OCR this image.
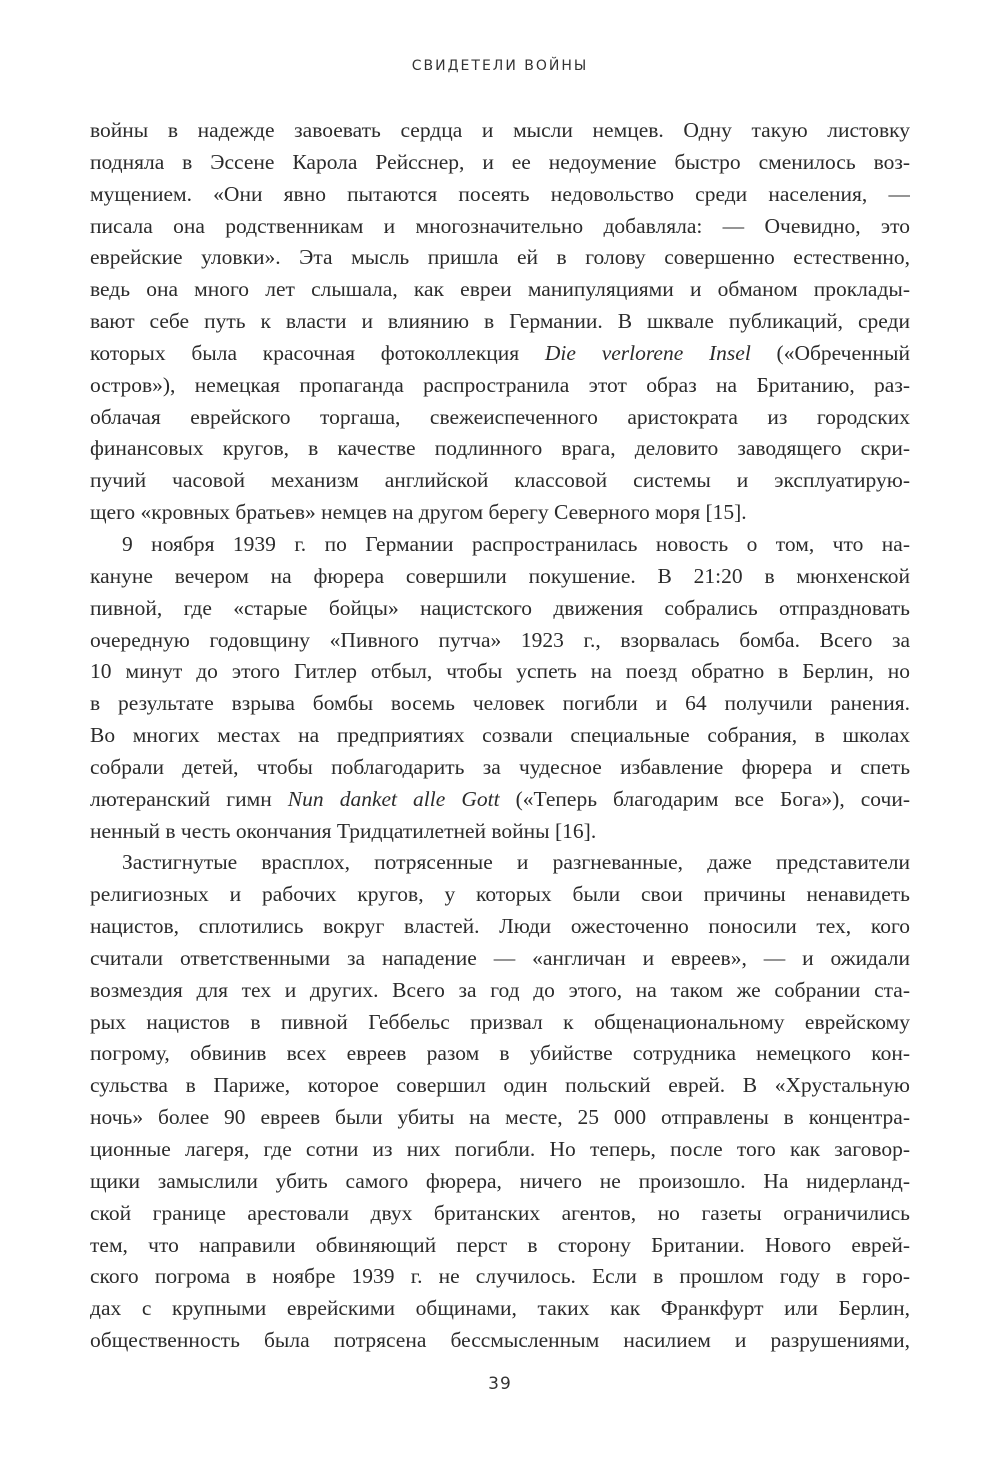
СВИДЕТЕЛИ ВОЙНЫ
войны в надежде завоевать сердца и мысли немцев. Одну такую листовку
подняла в Эссене Карола Рейсснер, и ее недоумение быстро сменилось воз-
мущением. «Они явно пытаются посеять недовольство среди населения, —
писала она родственникам и многозначительно добавляла: — Очевидно, это
еврейские уловки». Эта мысль пришла ей в голову совершенно естественно,
ведь она много лет слышала, как евреи манипуляциями и обманом проклады-
вают себе путь к власти и влиянию в Германии. В шквале публикаций, среди
которых была красочная фотоколлекция Die verlorene Insel («Обреченный
остров»), немецкая пропаганда распространила этот образ на Британию, раз-
облачая еврейского торгаша, свежеиспеченного аристократа из городских
финансовых кругов, в качестве подлинного врага, деловито заводящего скри-
пучий часовой механизм английской классовой системы и эксплуатирую-
щего «кровных братьев» немцев на другом берегу Северного моря [15].
9 ноября 1939 г. по Германии распространилась новость о том, что на-
кануне вечером на фюрера совершили покушение. В 21:20 в мюнхенской
пивной, где «старые бойцы» нацистского движения собрались отпраздновать
очередную годовщину «Пивного путча» 1923 г., взорвалась бомба. Всего за
10 минут до этого Гитлер отбыл, чтобы успеть на поезд обратно в Берлин, но
в результате взрыва бомбы восемь человек погибли и 64 получили ранения.
Во многих местах на предприятиях созвали специальные собрания, в школах
собрали детей, чтобы поблагодарить за чудесное избавление фюрера и спеть
лютеранский гимн Nun danket alle Gott («Теперь благодарим все Бога»), сочи-
ненный в честь окончания Тридцатилетней войны [16].
Застигнутые врасплох, потрясенные и разгневанные, даже представители
религиозных и рабочих кругов, у которых были свои причины ненавидеть
нацистов, сплотились вокруг властей. Люди ожесточенно поносили тех, кого
считали ответственными за нападение — «англичан и евреев», — и ожидали
возмездия для тех и других. Всего за год до этого, на таком же собрании ста-
рых нацистов в пивной Геббельс призвал к общенациональному еврейскому
погрому, обвинив всех евреев разом в убийстве сотрудника немецкого кон-
сульства в Париже, которое совершил один польский еврей. В «Хрустальную
ночь» более 90 евреев были убиты на месте, 25 000 отправлены в концентра-
ционные лагеря, где сотни из них погибли. Но теперь, после того как заговор-
щики замыслили убить самого фюрера, ничего не произошло. На нидерланд-
ской границе арестовали двух британских агентов, но газеты ограничились
тем, что направили обвиняющий перст в сторону Британии. Нового еврей-
ского погрома в ноябре 1939 г. не случилось. Если в прошлом году в горо-
дах с крупными еврейскими общинами, таких как Франкфурт или Берлин,
общественность была потрясена бессмысленным насилием и разрушениями,
39
